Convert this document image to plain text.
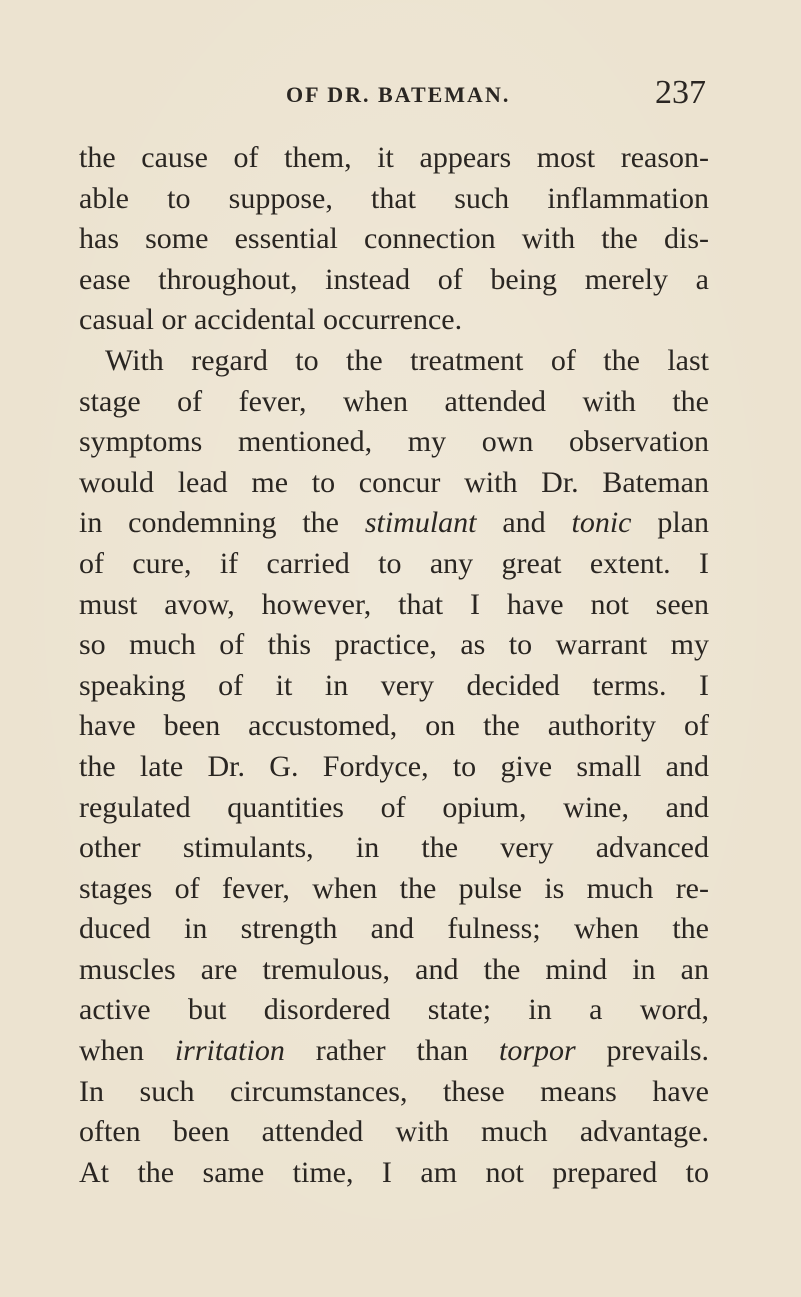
OF DR. BATEMAN.	237
the cause of them, it appears most reason-
able to suppose, that such inflammation
has some essential connection with the dis-
ease throughout, instead of being merely a
casual or accidental occurrence.
With regard to the treatment of the last
stage of fever, when attended with the
symptoms mentioned, my own observation
would lead me to concur with Dr. Bateman
in condemning the stimulant and tonic plan
of cure, if carried to any great extent. I
must avow, however, that I have not seen
so much of this practice, as to warrant my
speaking of it in very decided terms. I
have been accustomed, on the authority of
the late Dr. G. Fordyce, to give small and
regulated quantities of opium, wine, and
other stimulants, in the very advanced
stages of fever, when the pulse is much re-
duced in strength and fulness; when the
muscles are tremulous, and the mind in an
active but disordered state; in a word,
when irritation rather than torpor prevails.
In such circumstances, these means have
often been attended with much advantage.
At the same time, I am not prepared to
